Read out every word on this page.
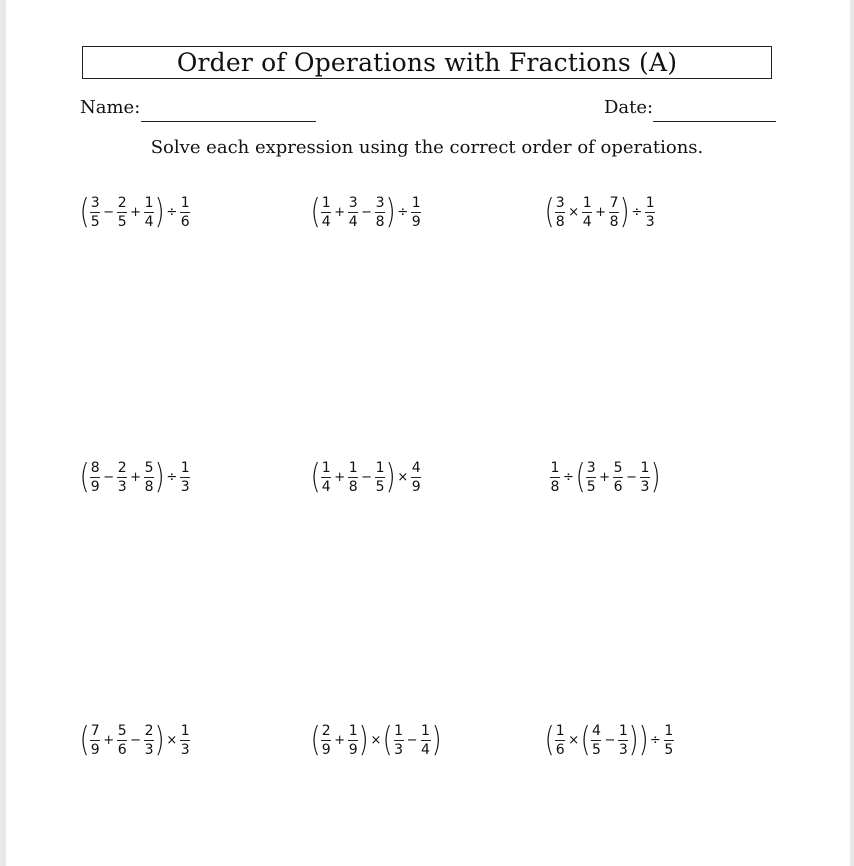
Order of Operations with Fractions (A)
Name:	Date:
Solve each expression using the correct order of operations.
( $\frac{3}{5} - \frac{2}{5} + \frac{1}{4}$ ) ÷ $\frac{1}{6}$	( $\frac{1}{4} + \frac{3}{4} - \frac{3}{8}$ ) ÷ $\frac{1}{9}$	( $\frac{3}{8} \times \frac{1}{4} + \frac{7}{8}$ ) ÷ $\frac{1}{3}$
( $\frac{8}{9} - \frac{2}{3} + \frac{5}{8}$ ) ÷ $\frac{1}{3}$	( $\frac{1}{4} + \frac{1}{8} - \frac{1}{5}$ ) × $\frac{4}{9}$	$\frac{1}{8}$ ÷ ( $\frac{3}{5} + \frac{5}{6} - \frac{1}{3}$ )
( $\frac{7}{9} + \frac{5}{6} - \frac{2}{3}$ ) × $\frac{1}{3}$	( $\frac{2}{9} + \frac{1}{9}$ ) × ( $\frac{1}{3} - \frac{1}{4}$ )	( $\frac{1}{6}$ × ( $\frac{4}{5} - \frac{1}{3}$ ) ) ÷ $\frac{1}{5}$
